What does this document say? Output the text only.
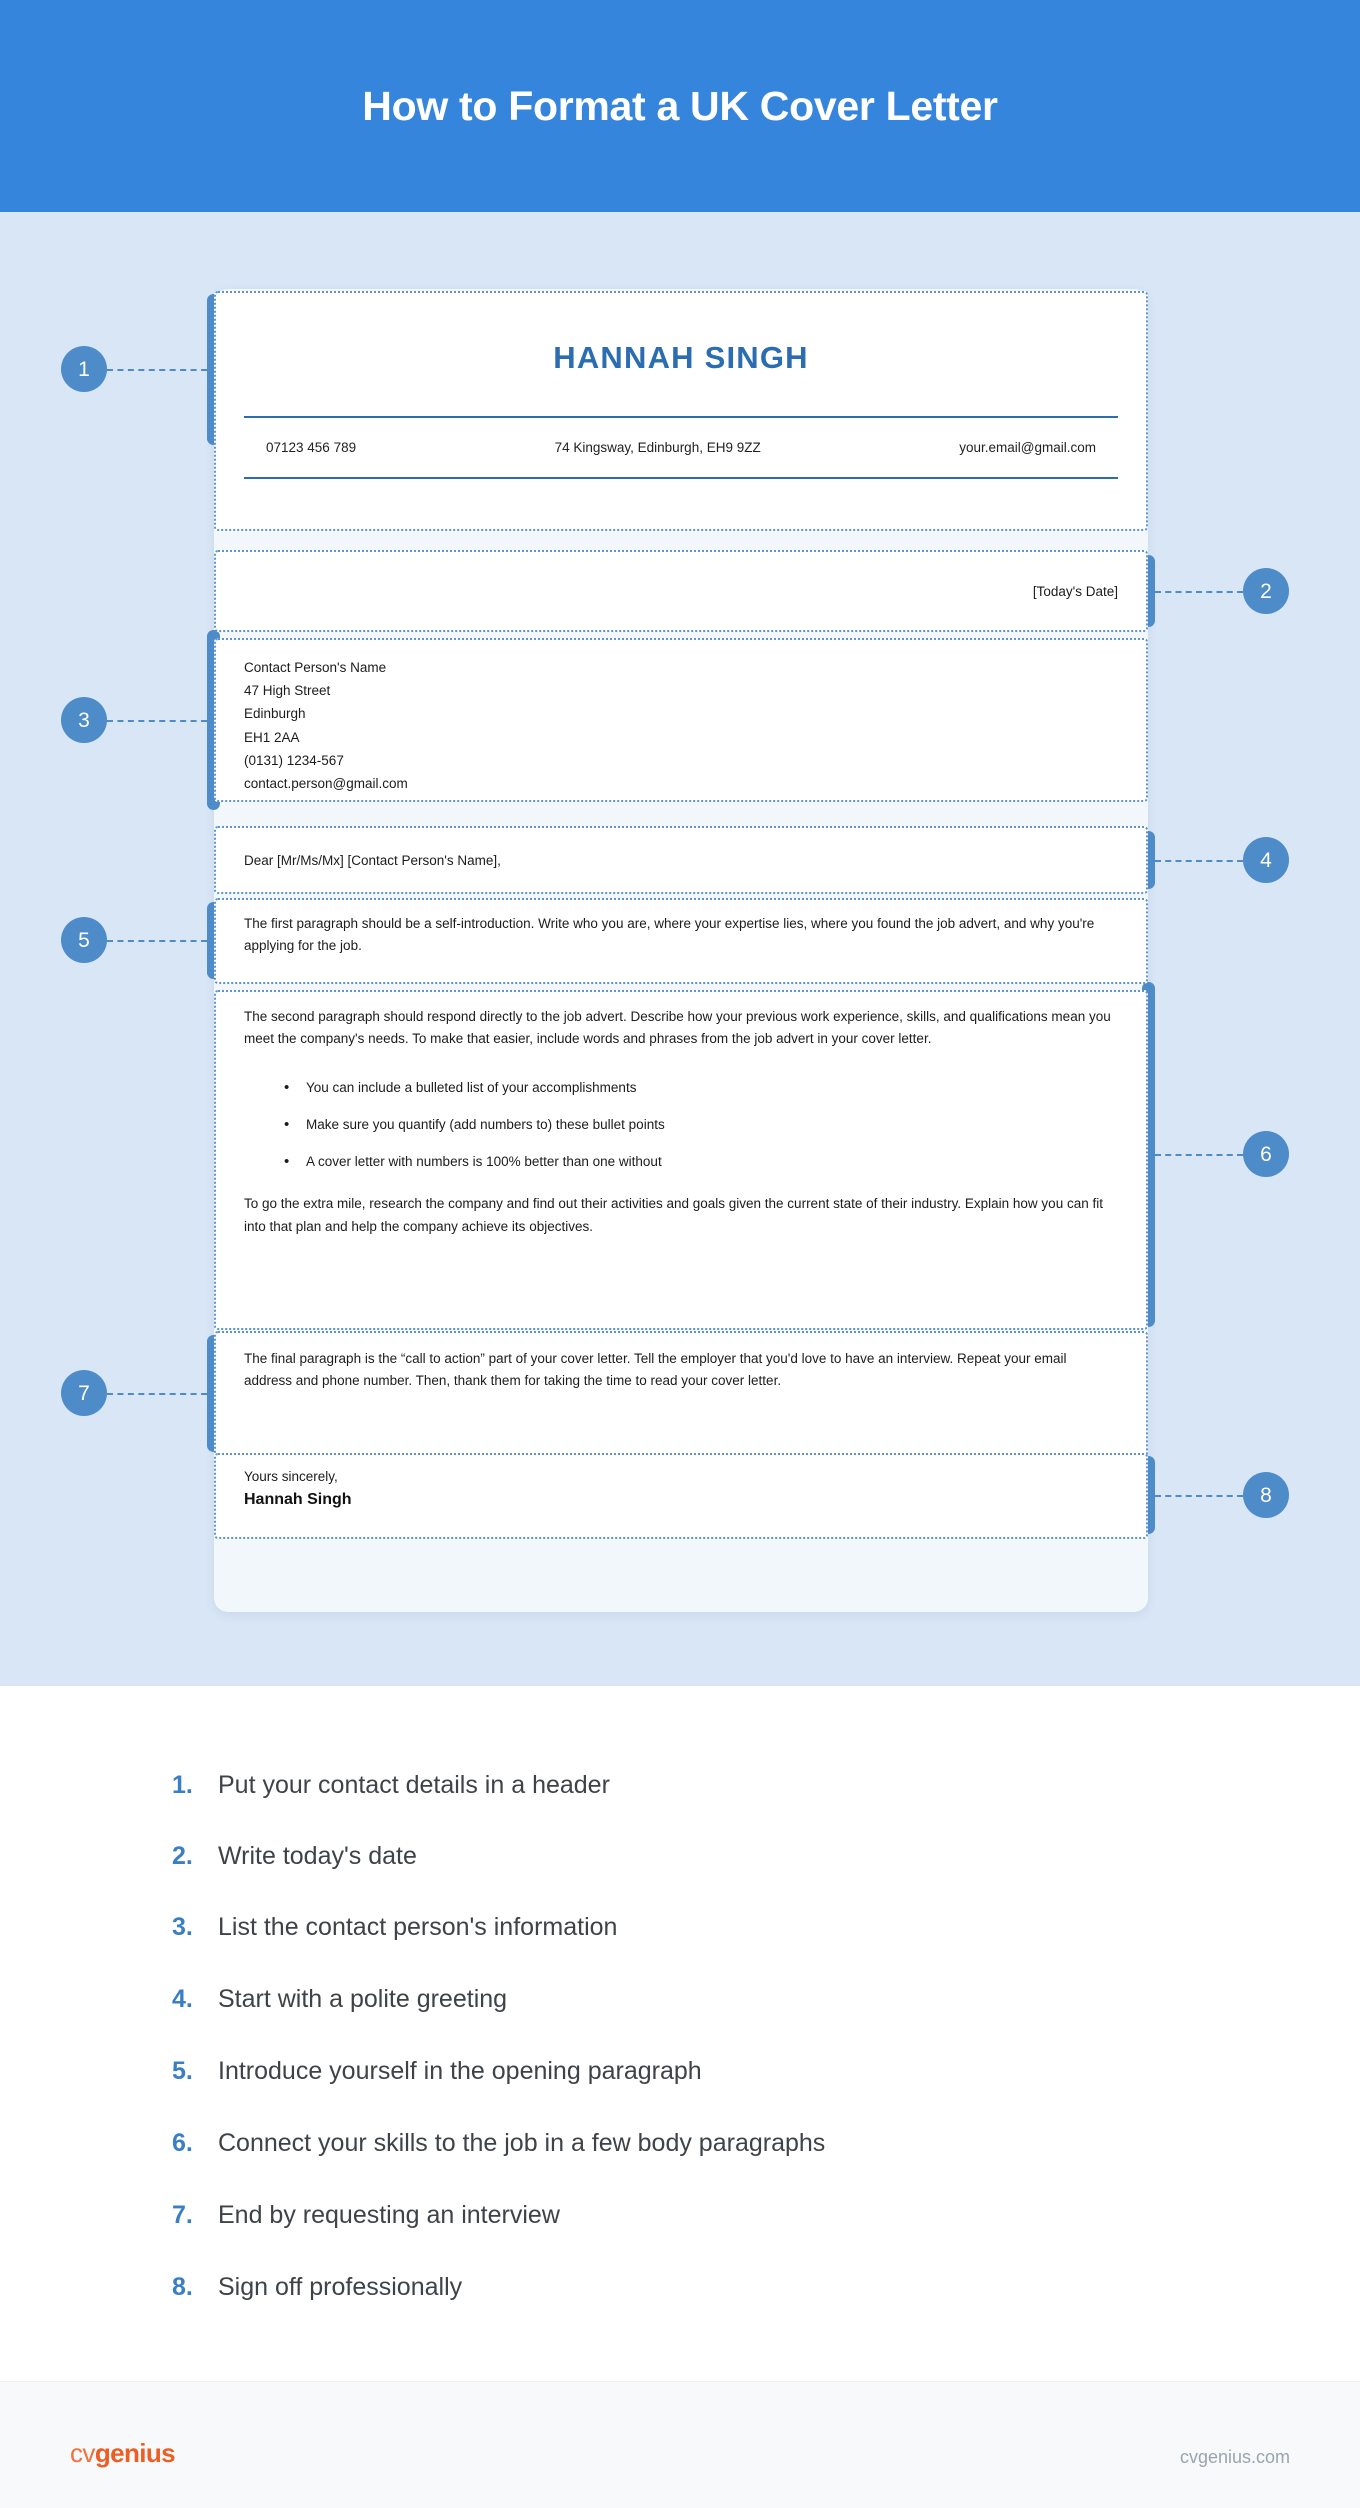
How to Format a UK Cover Letter
1
2
3
4
5
6
7
8
HANNAH SINGH
07123 456 789	74 Kingsway, Edinburgh, EH9 9ZZ	your.email@gmail.com
[Today's Date]
Contact Person's Name
47 High Street
Edinburgh
EH1 2AA
(0131) 1234-567
contact.person@gmail.com
Dear [Mr/Ms/Mx] [Contact Person's Name],
The first paragraph should be a self-introduction. Write who you are, where your expertise lies, where you found the job advert, and why you're applying for the job.
The second paragraph should respond directly to the job advert. Describe how your previous work experience, skills, and qualifications mean you meet the company's needs. To make that easier, include words and phrases from the job advert in your cover letter.
• You can include a bulleted list of your accomplishments
• Make sure you quantify (add numbers to) these bullet points
• A cover letter with numbers is 100% better than one without
To go the extra mile, research the company and find out their activities and goals given the current state of their industry. Explain how you can fit into that plan and help the company achieve its objectives.
The final paragraph is the “call to action” part of your cover letter. Tell the employer that you'd love to have an interview. Repeat your email address and phone number. Then, thank them for taking the time to read your cover letter.
Yours sincerely,
Hannah Singh
1.	Put your contact details in a header
2.	Write today's date
3.	List the contact person's information
4.	Start with a polite greeting
5.	Introduce yourself in the opening paragraph
6.	Connect your skills to the job in a few body paragraphs
7.	End by requesting an interview
8.	Sign off professionally
cvgenius	cvgenius.com
